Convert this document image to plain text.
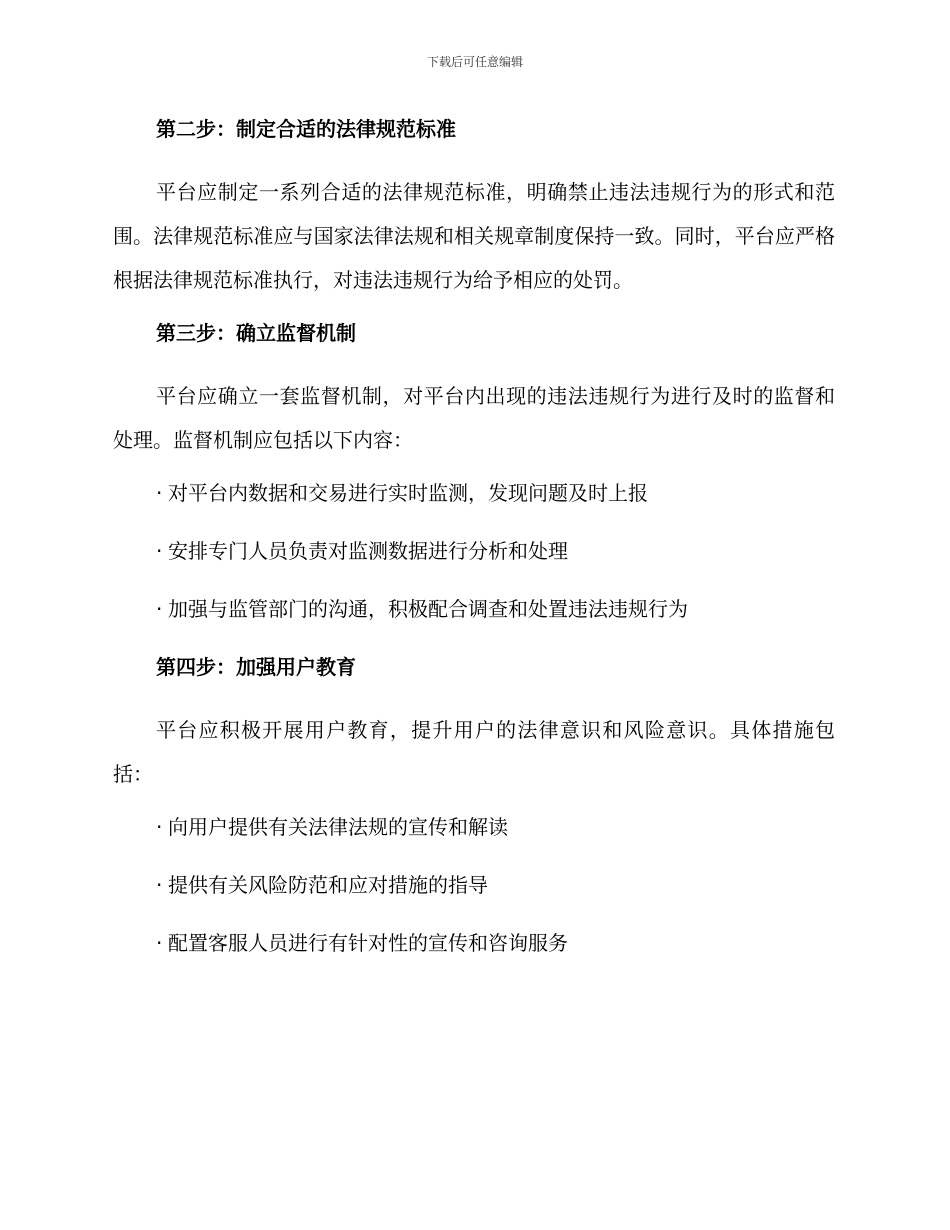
下载后可任意编辑
第二步：制定合适的法律规范标准

平台应制定一系列合适的法律规范标准，明确禁止违法违规行为的形式和范围。法律规范标准应与国家法律法规和相关规章制度保持一致。同时，平台应严格根据法律规范标准执行，对违法违规行为给予相应的处罚。

第三步：确立监督机制

平台应确立一套监督机制，对平台内出现的违法违规行为进行及时的监督和处理。监督机制应包括以下内容：

· 对平台内数据和交易进行实时监测，发现问题及时上报
· 安排专门人员负责对监测数据进行分析和处理
· 加强与监管部门的沟通，积极配合调查和处置违法违规行为
第四步：加强用户教育

平台应积极开展用户教育，提升用户的法律意识和风险意识。具体措施包括：

· 向用户提供有关法律法规的宣传和解读
· 提供有关风险防范和应对措施的指导
· 配置客服人员进行有针对性的宣传和咨询服务
